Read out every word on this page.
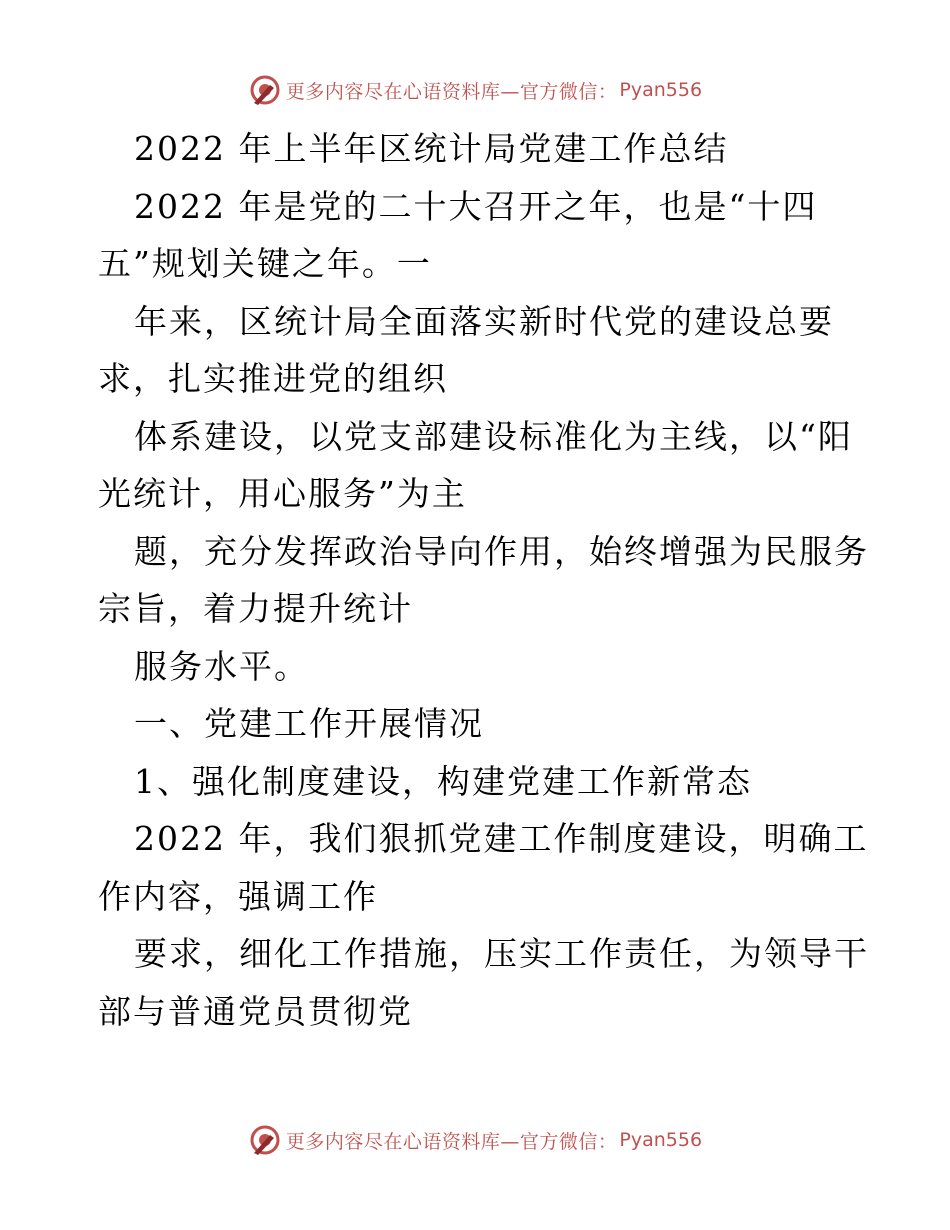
更多内容尽在心语资料库—官方微信： Pyan556
2022 年上半年区统计局党建工作总结
2022 年是党的二十大召开之年，也是“十四
五”规划关键之年。一
年来，区统计局全面落实新时代党的建设总要
求，扎实推进党的组织
体系建设，以党支部建设标准化为主线，以“阳
光统计，用心服务”为主
题，充分发挥政治导向作用，始终增强为民服务
宗旨，着力提升统计
服务水平。
一、党建工作开展情况
1、强化制度建设，构建党建工作新常态
2022 年，我们狠抓党建工作制度建设，明确工
作内容，强调工作
要求，细化工作措施，压实工作责任，为领导干
部与普通党员贯彻党
更多内容尽在心语资料库—官方微信： Pyan556
